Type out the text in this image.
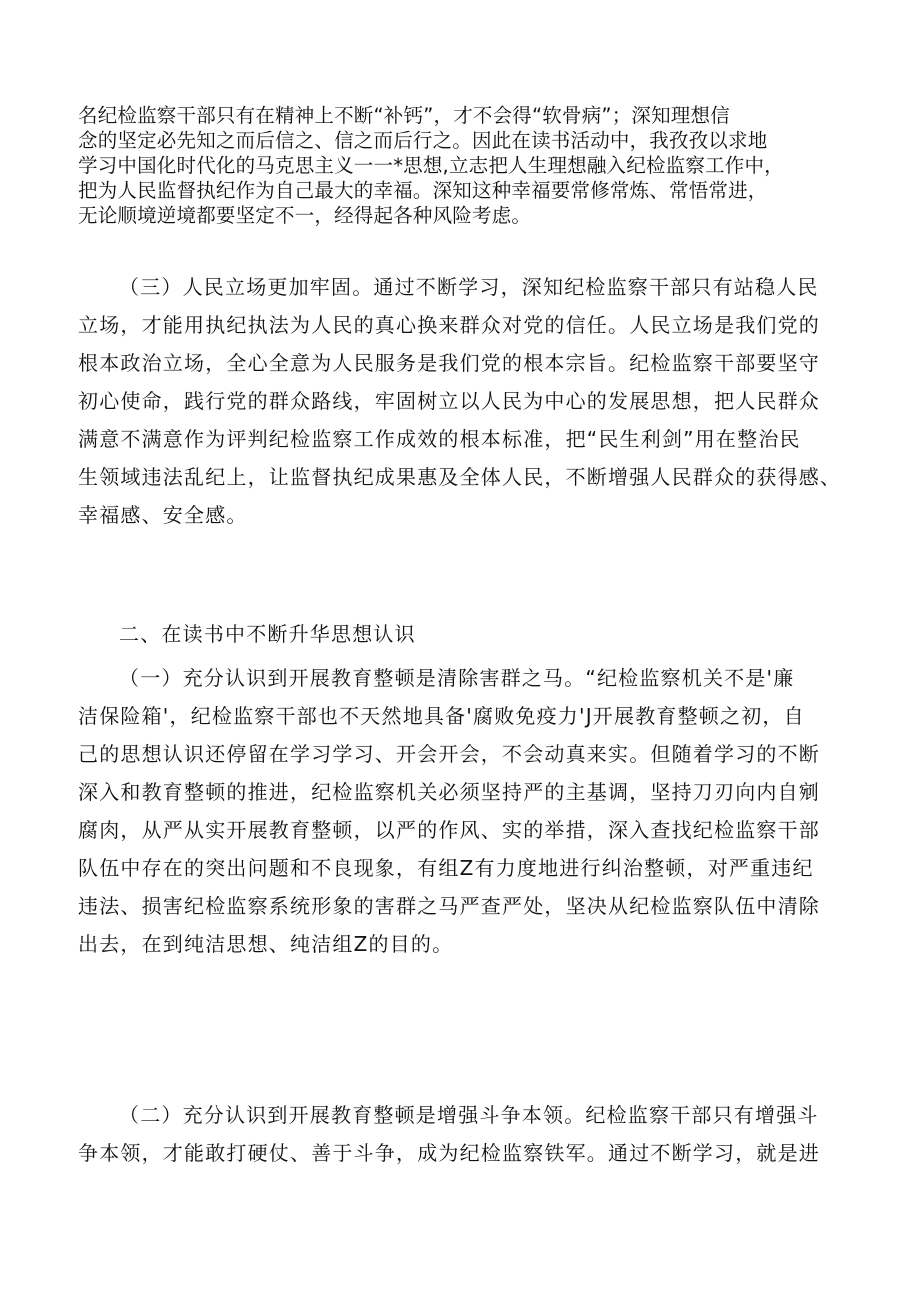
名纪检监察干部只有在精神上不断“补钙”，才不会得“软骨病”；深知理想信
念的坚定必先知之而后信之、信之而后行之。因此在读书活动中，我孜孜以求地
学习中国化时代化的马克思主义一一*思想,立志把人生理想融入纪检监察工作中，
把为人民监督执纪作为自己最大的幸福。深知这种幸福要常修常炼、常悟常进，
无论顺境逆境都要坚定不一，经得起各种风险考虑。
（三）人民立场更加牢固。通过不断学习，深知纪检监察干部只有站稳人民
立场，才能用执纪执法为人民的真心换来群众对党的信任。人民立场是我们党的
根本政治立场，全心全意为人民服务是我们党的根本宗旨。纪检监察干部要坚守
初心使命，践行党的群众路线，牢固树立以人民为中心的发展思想，把人民群众
满意不满意作为评判纪检监察工作成效的根本标准，把“民生利剑”用在整治民
生领域违法乱纪上，让监督执纪成果惠及全体人民，不断增强人民群众的获得感、
幸福感、安全感。
二、在读书中不断升华思想认识
（一）充分认识到开展教育整顿是清除害群之马。“纪检监察机关不是'廉
洁保险箱'，纪检监察干部也不天然地具备'腐败免疫力'J开展教育整顿之初，自
己的思想认识还停留在学习学习、开会开会，不会动真来实。但随着学习的不断
深入和教育整顿的推进，纪检监察机关必须坚持严的主基调，坚持刀刃向内自剜
腐肉，从严从实开展教育整顿，以严的作风、实的举措，深入查找纪检监察干部
队伍中存在的突出问题和不良现象，有组Z有力度地进行纠治整顿，对严重违纪
违法、损害纪检监察系统形象的害群之马严查严处，坚决从纪检监察队伍中清除
出去，在到纯洁思想、纯洁组Z的目的。
（二）充分认识到开展教育整顿是增强斗争本领。纪检监察干部只有增强斗
争本领，才能敢打硬仗、善于斗争，成为纪检监察铁军。通过不断学习，就是进
